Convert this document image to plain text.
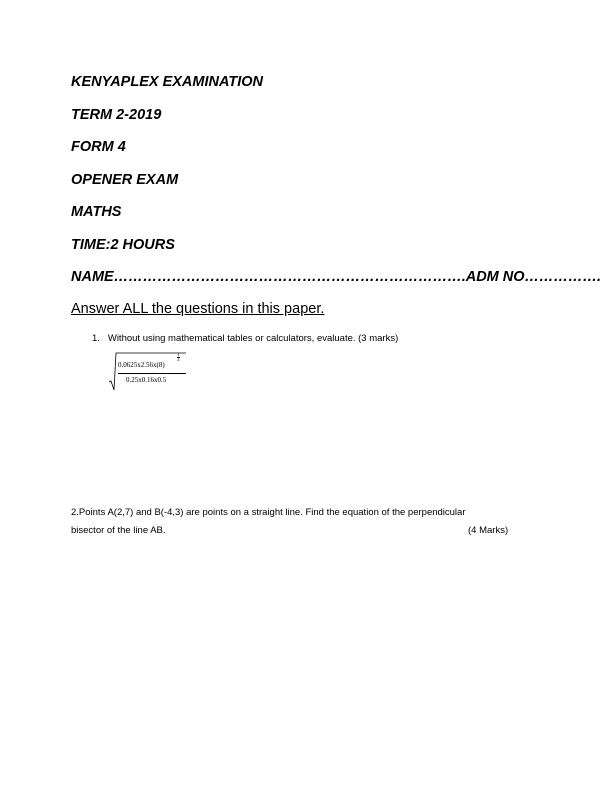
KENYAPLEX EXAMINATION
TERM 2-2019
FORM 4
OPENER EXAM
MATHS
TIME:2 HOURS
NAME……………………………………………………………….ADM NO…………….
Answer ALL the questions in this paper.
1. Without using mathematical tables or calculators, evaluate. (3 marks)
0.0625x2.56x(8)
$\frac{1}{3}$
0.25x0.16x0.5
2.Points A(2,7) and B(-4,3) are points on a straight line. Find the equation of the perpendicular
bisector of the line AB.	(4 Marks)
